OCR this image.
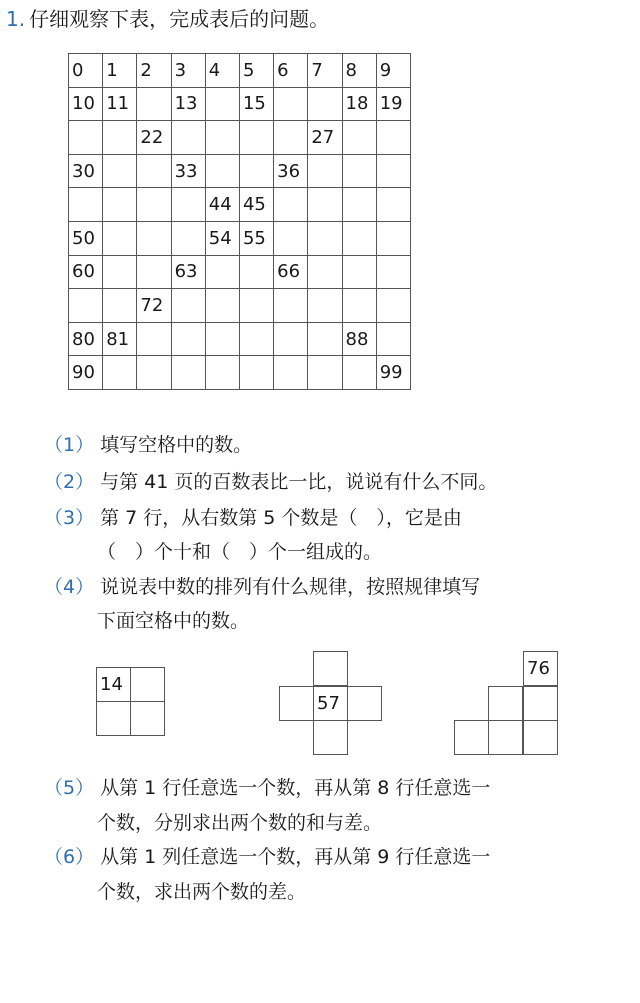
1. 仔细观察下表，完成表后的问题。
0	1	2	3	4	5	6	7	8	9
10	11		13		15			18	19
		22					27		
30			33			36			
				44	45				
50				54	55				
60			63			66			
		72							
80	81							88	
90									99
（1） 填写空格中的数。
（2） 与第 41 页的百数表比一比，说说有什么不同。
（3） 第 7 行，从右数第 5 个数是（　），它是由
（　）个十和（　）个一组成的。
（4） 说说表中数的排列有什么规律，按照规律填写
下面空格中的数。
14
57
76
（5） 从第 1 行任意选一个数，再从第 8 行任意选一
个数，分别求出两个数的和与差。
（6） 从第 1 列任意选一个数，再从第 9 行任意选一
个数，求出两个数的差。
